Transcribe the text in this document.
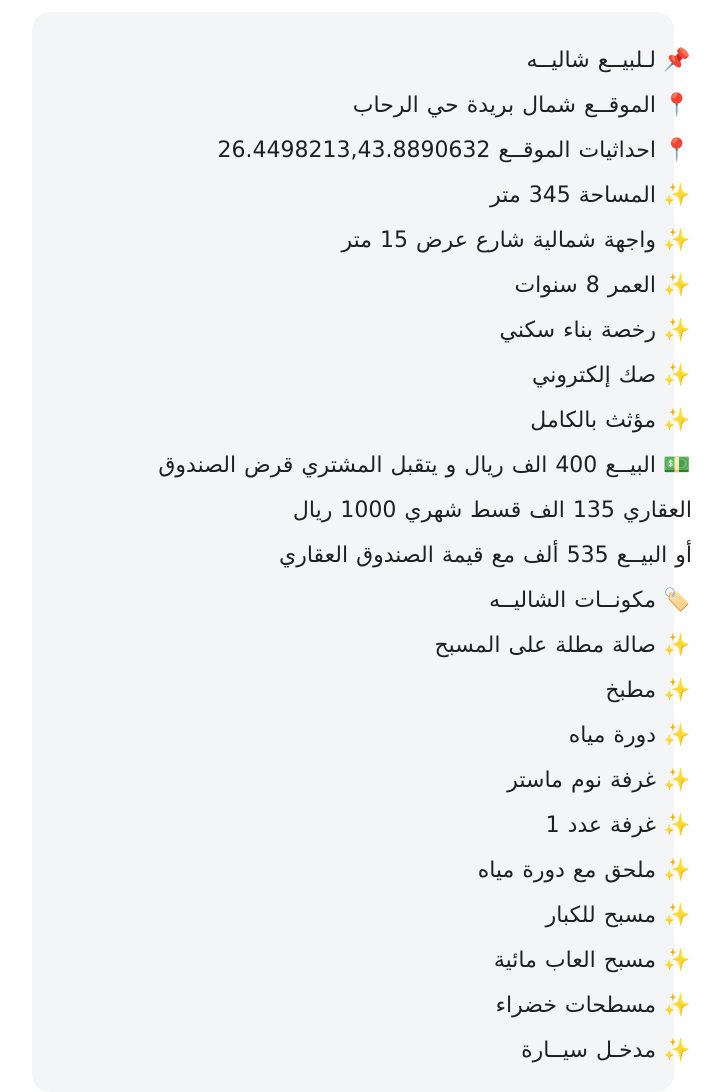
📌لـلبيــع شاليــه
📍الموقــع شمال بريدة حي الرحاب
📍احداثيات الموقــع 26.4498213,43.8890632
✨المساحة 345 متر
✨واجهة شمالية شارع عرض 15 متر
✨العمر 8 سنوات
✨رخصة بناء سكني
✨صك إلكتروني
✨مؤثث بالكامل
💵البيــع 400 الف ريال و يتقبل المشتري قرض الصندوق
العقاري 135 الف قسط شهري 1000 ريال
أو البيــع 535 ألف مع قيمة الصندوق العقاري
🏷️مكونــات الشاليــه
✨صالة مطلة على المسبح
✨مطبخ
✨دورة مياه
✨غرفة نوم ماستر
✨غرفة عدد 1
✨ملحق مع دورة مياه
✨مسبح للكبار
✨مسبح العاب مائية
✨مسطحات خضراء
✨مدخـل سيــارة
